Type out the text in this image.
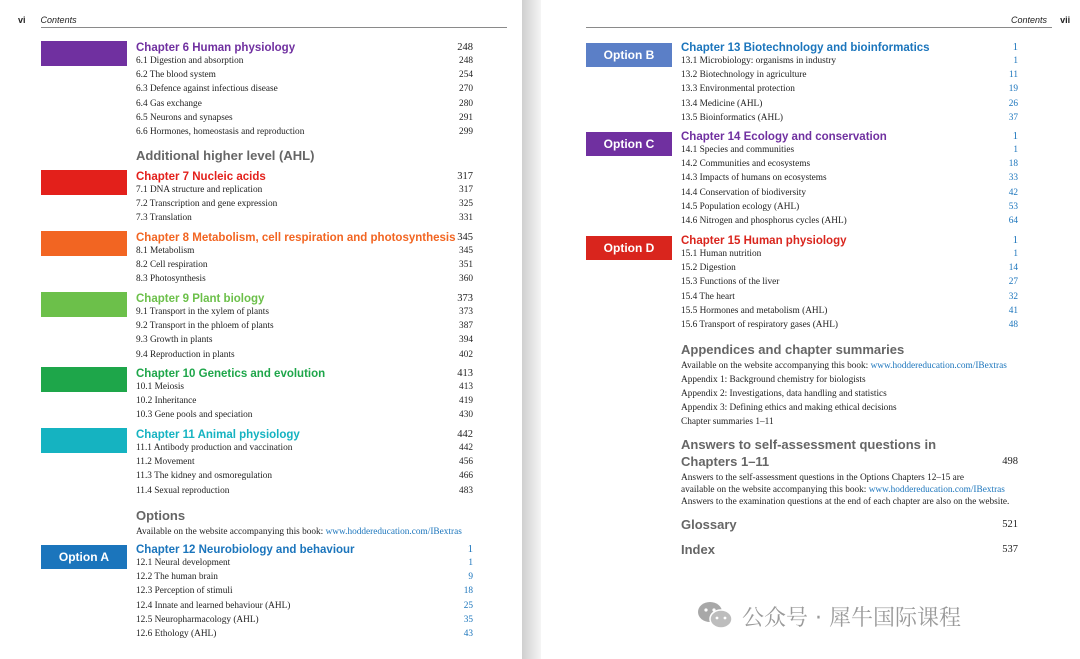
vi Contents
Chapter 6 Human physiology	248
6.1 Digestion and absorption	248
6.2 The blood system	254
6.3 Defence against infectious disease	270
6.4 Gas exchange	280
6.5 Neurons and synapses	291
6.6 Hormones, homeostasis and reproduction	299
Chapter 7 Nucleic acids	317
7.1 DNA structure and replication	317
7.2 Transcription and gene expression	325
7.3 Translation	331
Chapter 8 Metabolism, cell respiration and photosynthesis 345
8.1 Metabolism	345
8.2 Cell respiration	351
8.3 Photosynthesis	360
Chapter 9 Plant biology	373
9.1 Transport in the xylem of plants	373
9.2 Transport in the phloem of plants	387
9.3 Growth in plants	394
9.4 Reproduction in plants	402
Chapter 10 Genetics and evolution	413
10.1 Meiosis	413
10.2 Inheritance	419
10.3 Gene pools and speciation	430
Chapter 11 Animal physiology	442
11.1 Antibody production and vaccination	442
11.2 Movement	456
11.3 The kidney and osmoregulation	466
11.4 Sexual reproduction	483
Additional higher level (AHL)
Options
Available on the website accompanying this book: www.hoddereducation.com/IBextras
Option A	Chapter 12 Neurobiology and behaviour	1
12.1 Neural development	1
12.2 The human brain	9
12.3 Perception of stimuli	18
12.4 Innate and learned behaviour (AHL)	25
12.5 Neuropharmacology (AHL)	35
12.6 Ethology (AHL)	43
Contents vii
Option B	Chapter 13 Biotechnology and bioinformatics	1
13.1 Microbiology: organisms in industry	1
13.2 Biotechnology in agriculture	11
13.3 Environmental protection	19
13.4 Medicine (AHL)	26
13.5 Bioinformatics (AHL)	37
Option C	Chapter 14 Ecology and conservation	1
14.1 Species and communities	1
14.2 Communities and ecosystems	18
14.3 Impacts of humans on ecosystems	33
14.4 Conservation of biodiversity	42
14.5 Population ecology (AHL)	53
14.6 Nitrogen and phosphorus cycles (AHL)	64
Option D	Chapter 15 Human physiology	1
15.1 Human nutrition	1
15.2 Digestion	14
15.3 Functions of the liver	27
15.4 The heart	32
15.5 Hormones and metabolism (AHL)	41
15.6 Transport of respiratory gases (AHL)	48
Appendices and chapter summaries
Available on the website accompanying this book: www.hoddereducation.com/IBextras
Appendix 1: Background chemistry for biologists
Appendix 2: Investigations, data handling and statistics
Appendix 3: Defining ethics and making ethical decisions
Chapter summaries 1–11
Answers to self-assessment questions in
Chapters 1–11	498
Answers to the self-assessment questions in the Options Chapters 12–15 are
available on the website accompanying this book: www.hoddereducation.com/IBextras
Answers to the examination questions at the end of each chapter are also on the website.
Glossary	521
Index	537
公众号 · 犀牛国际课程
